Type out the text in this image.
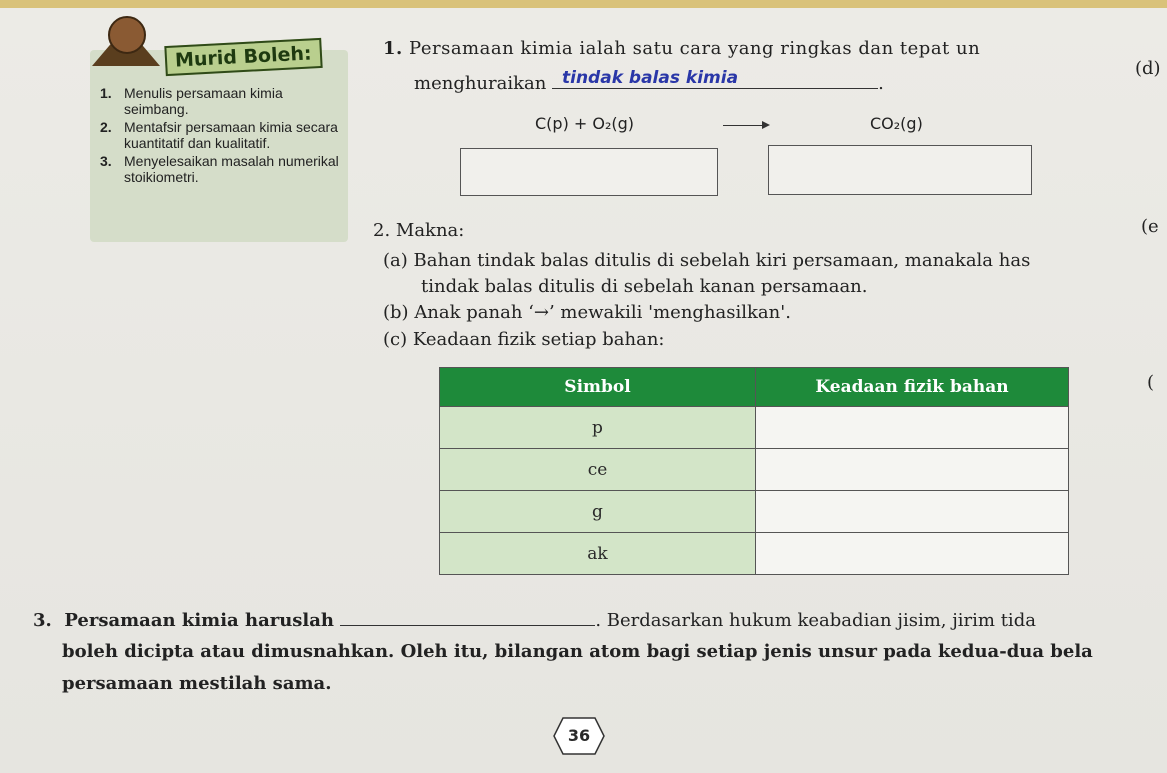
Murid Boleh:
1. Menulis persamaan kimia seimbang.
2. Mentafsir persamaan kimia secara kuantitatif dan kualitatif.
3. Menyelesaikan masalah numerikal stoikiometri.
1. Persamaan kimia ialah satu cara yang ringkas dan tepat un
menghuraikan	.
tindak balas kimia
C(p) + O₂(g)	CO₂(g)
2. Makna:
(a) Bahan tindak balas ditulis di sebelah kiri persamaan, manakala has
tindak balas ditulis di sebelah kanan persamaan.
(b) Anak panah ‘→’ mewakili 'menghasilkan'.
(c) Keadaan fizik setiap bahan:
Simbol	Keadaan fizik bahan
p	
ce	
g	
ak	
3. Persamaan kimia haruslah	. Berdasarkan hukum keabadian jisim, jirim tida
boleh dicipta atau dimusnahkan. Oleh itu, bilangan atom bagi setiap jenis unsur pada kedua-dua bela
persamaan mestilah sama.
(d)
(e
(
36
